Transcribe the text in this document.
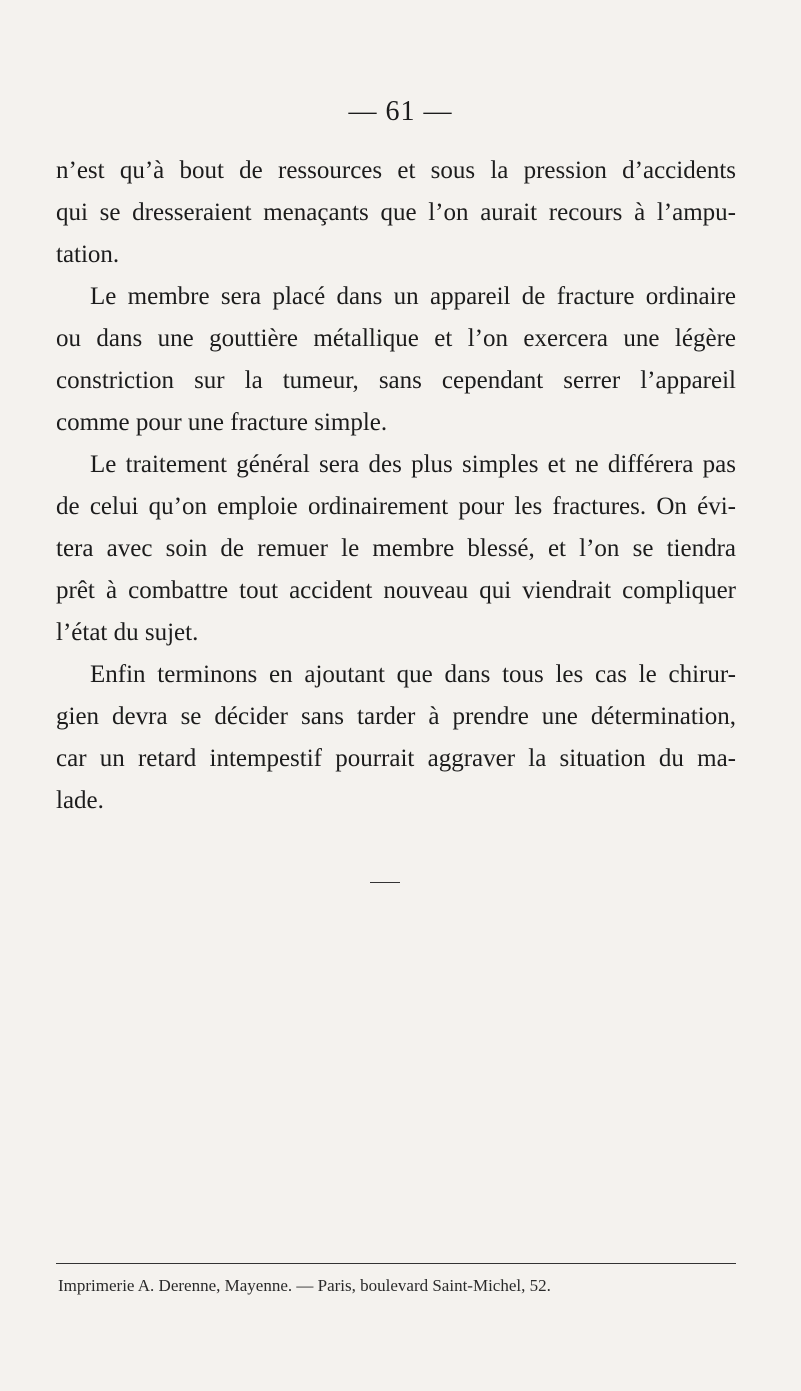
— 61 —
n’est qu’à bout de ressources et sous la pression d’accidents
qui se dresseraient menaçants que l’on aurait recours à l’ampu-
tation.
Le membre sera placé dans un appareil de fracture ordinaire
ou dans une gouttière métallique et l’on exercera une légère
constriction sur la tumeur, sans cependant serrer l’appareil
comme pour une fracture simple.
Le traitement général sera des plus simples et ne différera pas
de celui qu’on emploie ordinairement pour les fractures. On évi-
tera avec soin de remuer le membre blessé, et l’on se tiendra
prêt à combattre tout accident nouveau qui viendrait compliquer
l’état du sujet.
Enfin terminons en ajoutant que dans tous les cas le chirur-
gien devra se décider sans tarder à prendre une détermination,
car un retard intempestif pourrait aggraver la situation du ma-
lade.
Imprimerie A. Derenne, Mayenne. — Paris, boulevard Saint-Michel, 52.
